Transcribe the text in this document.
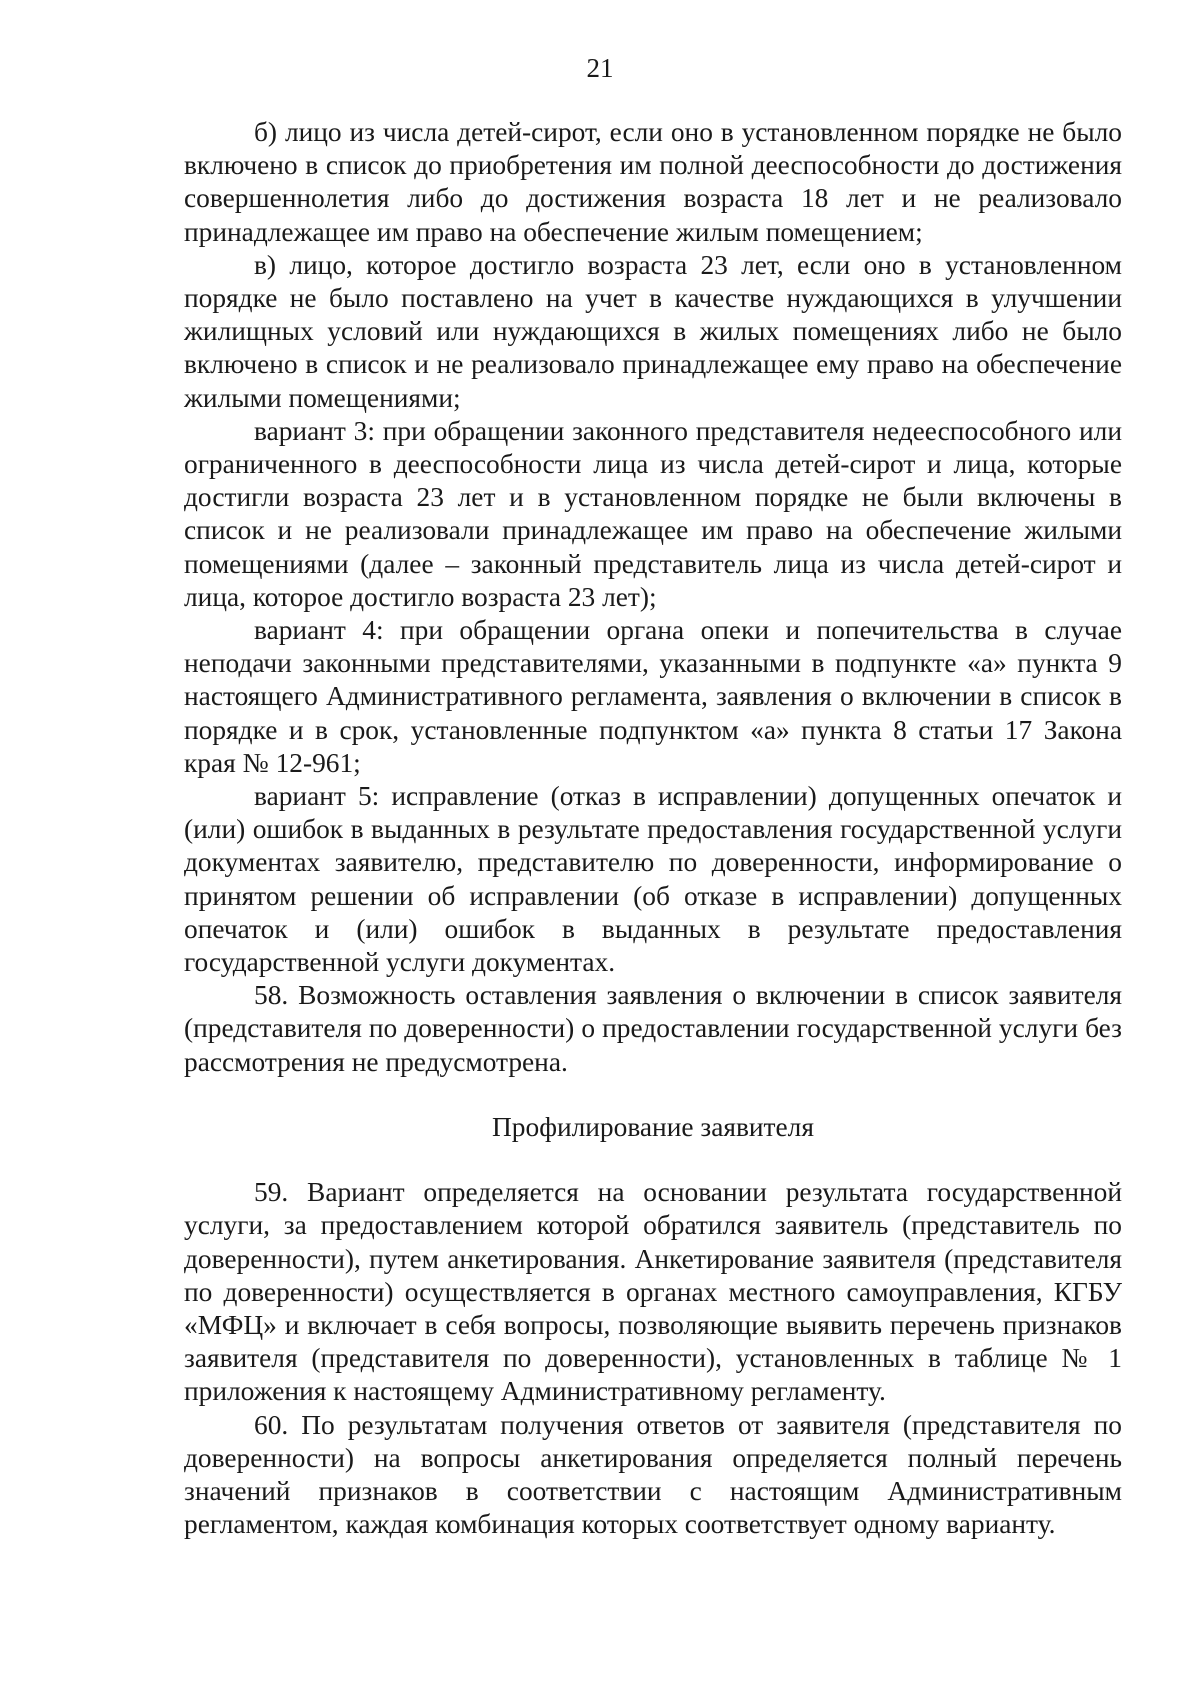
21

б) лицо из числа детей-сирот, если оно в установленном порядке не было включено в список до приобретения им полной дееспособности до достижения совершеннолетия либо до достижения возраста 18 лет и не реализовало принадлежащее им право на обеспечение жилым помещением;

в) лицо, которое достигло возраста 23 лет, если оно в установленном порядке не было поставлено на учет в качестве нуждающихся в улучшении жилищных условий или нуждающихся в жилых помещениях либо не было включено в список и не реализовало принадлежащее ему право на обеспечение жилыми помещениями;

вариант 3: при обращении законного представителя недееспособного или ограниченного в дееспособности лица из числа детей-сирот и лица, которые достигли возраста 23 лет и в установленном порядке не были включены в список и не реализовали принадлежащее им право на обеспечение жилыми помещениями (далее – законный представитель лица из числа детей-сирот и лица, которое достигло возраста 23 лет);

вариант 4: при обращении органа опеки и попечительства в случае неподачи законными представителями, указанными в подпункте «а» пункта 9 настоящего Административного регламента, заявления о включении в список в порядке и в срок, установленные подпунктом «а» пункта 8 статьи 17 Закона края № 12-961;

вариант 5: исправление (отказ в исправлении) допущенных опечаток и (или) ошибок в выданных в результате предоставления государственной услуги документах заявителю, представителю по доверенности, информирование о принятом решении об исправлении (об отказе в исправлении) допущенных опечаток и (или) ошибок в выданных в результате предоставления государственной услуги документах.

58. Возможность оставления заявления о включении в список заявителя (представителя по доверенности) о предоставлении государственной услуги без рассмотрения не предусмотрена.

Профилирование заявителя

59. Вариант определяется на основании результата государственной услуги, за предоставлением которой обратился заявитель (представитель по доверенности), путем анкетирования. Анкетирование заявителя (представителя по доверенности) осуществляется в органах местного самоуправления, КГБУ «МФЦ» и включает в себя вопросы, позволяющие выявить перечень признаков заявителя (представителя по доверенности), установленных в таблице № 1 приложения к настоящему Административному регламенту.

60. По результатам получения ответов от заявителя (представителя по доверенности) на вопросы анкетирования определяется полный перечень значений признаков в соответствии с настоящим Административным регламентом, каждая комбинация которых соответствует одному варианту.
